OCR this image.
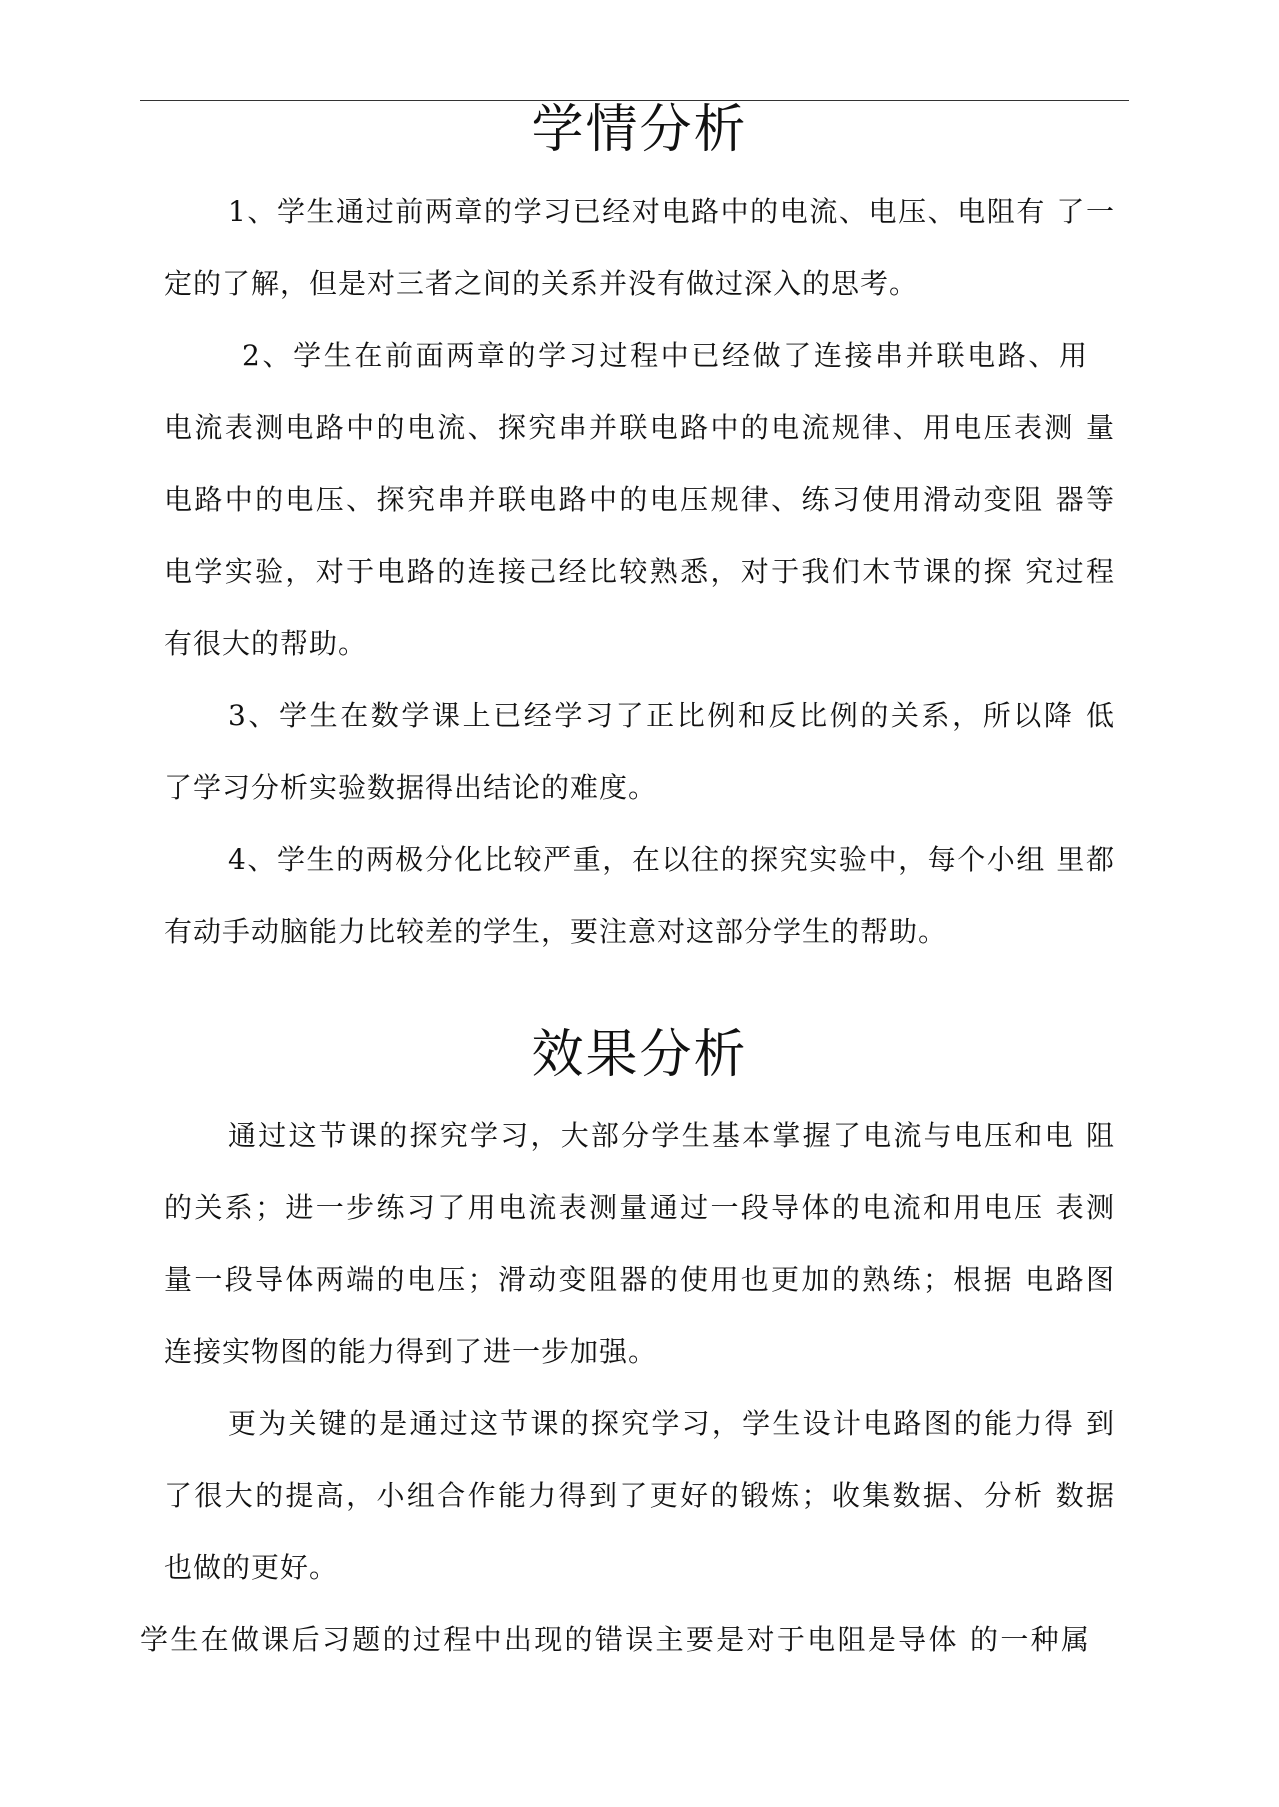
学情分析

1、学生通过前两章的学习已经对电路中的电流、电压、电阻有 了一

定的了解，但是对三者之间的关系并没有做过深入的思考。

2、学生在前面两章的学习过程中已经做了连接串并联电路、用

电流表测电路中的电流、探究串并联电路中的电流规律、用电压表测 量

电路中的电压、探究串并联电路中的电压规律、练习使用滑动变阻 器等

电学实验，对于电路的连接己经比较熟悉，对于我们木节课的探 究过程

有很大的帮助。

3、学生在数学课上已经学习了正比例和反比例的关系，所以降 低

了学习分析实验数据得出结论的难度。

4、学生的两极分化比较严重，在以往的探究实验中，每个小组 里都

有动手动脑能力比较差的学生，要注意对这部分学生的帮助。

效果分析

通过这节课的探究学习，大部分学生基本掌握了电流与电压和电 阻

的关系；进一步练习了用电流表测量通过一段导体的电流和用电压 表测

量一段导体两端的电压；滑动变阻器的使用也更加的熟练；根据 电路图

连接实物图的能力得到了进一步加强。

更为关键的是通过这节课的探究学习，学生设计电路图的能力得 到

了很大的提高，小组合作能力得到了更好的锻炼；收集数据、分析 数据

也做的更好。

学生在做课后习题的过程中出现的错误主要是对于电阻是导体 的一种属
